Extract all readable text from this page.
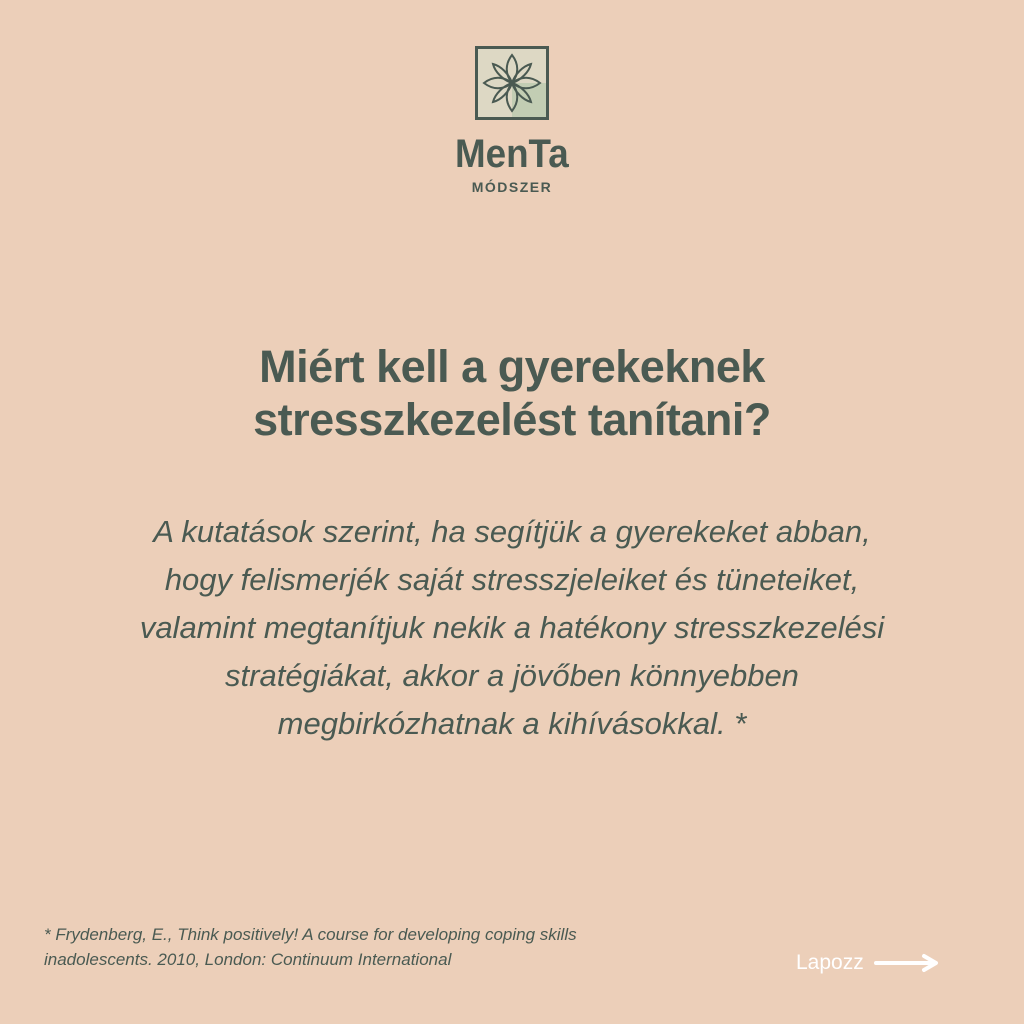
MenTa
MÓDSZER
Miért kell a gyerekeknek
stresszkezelést tanítani?
A kutatások szerint, ha segítjük a gyerekeket abban,
hogy felismerjék saját stresszjeleiket és tüneteiket,
valamint megtanítjuk nekik a hatékony stresszkezelési
stratégiákat, akkor a jövőben könnyebben
megbirkózhatnak a kihívásokkal. *
* Frydenberg, E., Think positively! A course for developing coping skills
inadolescents. 2010, London: Continuum International	Lapozz
